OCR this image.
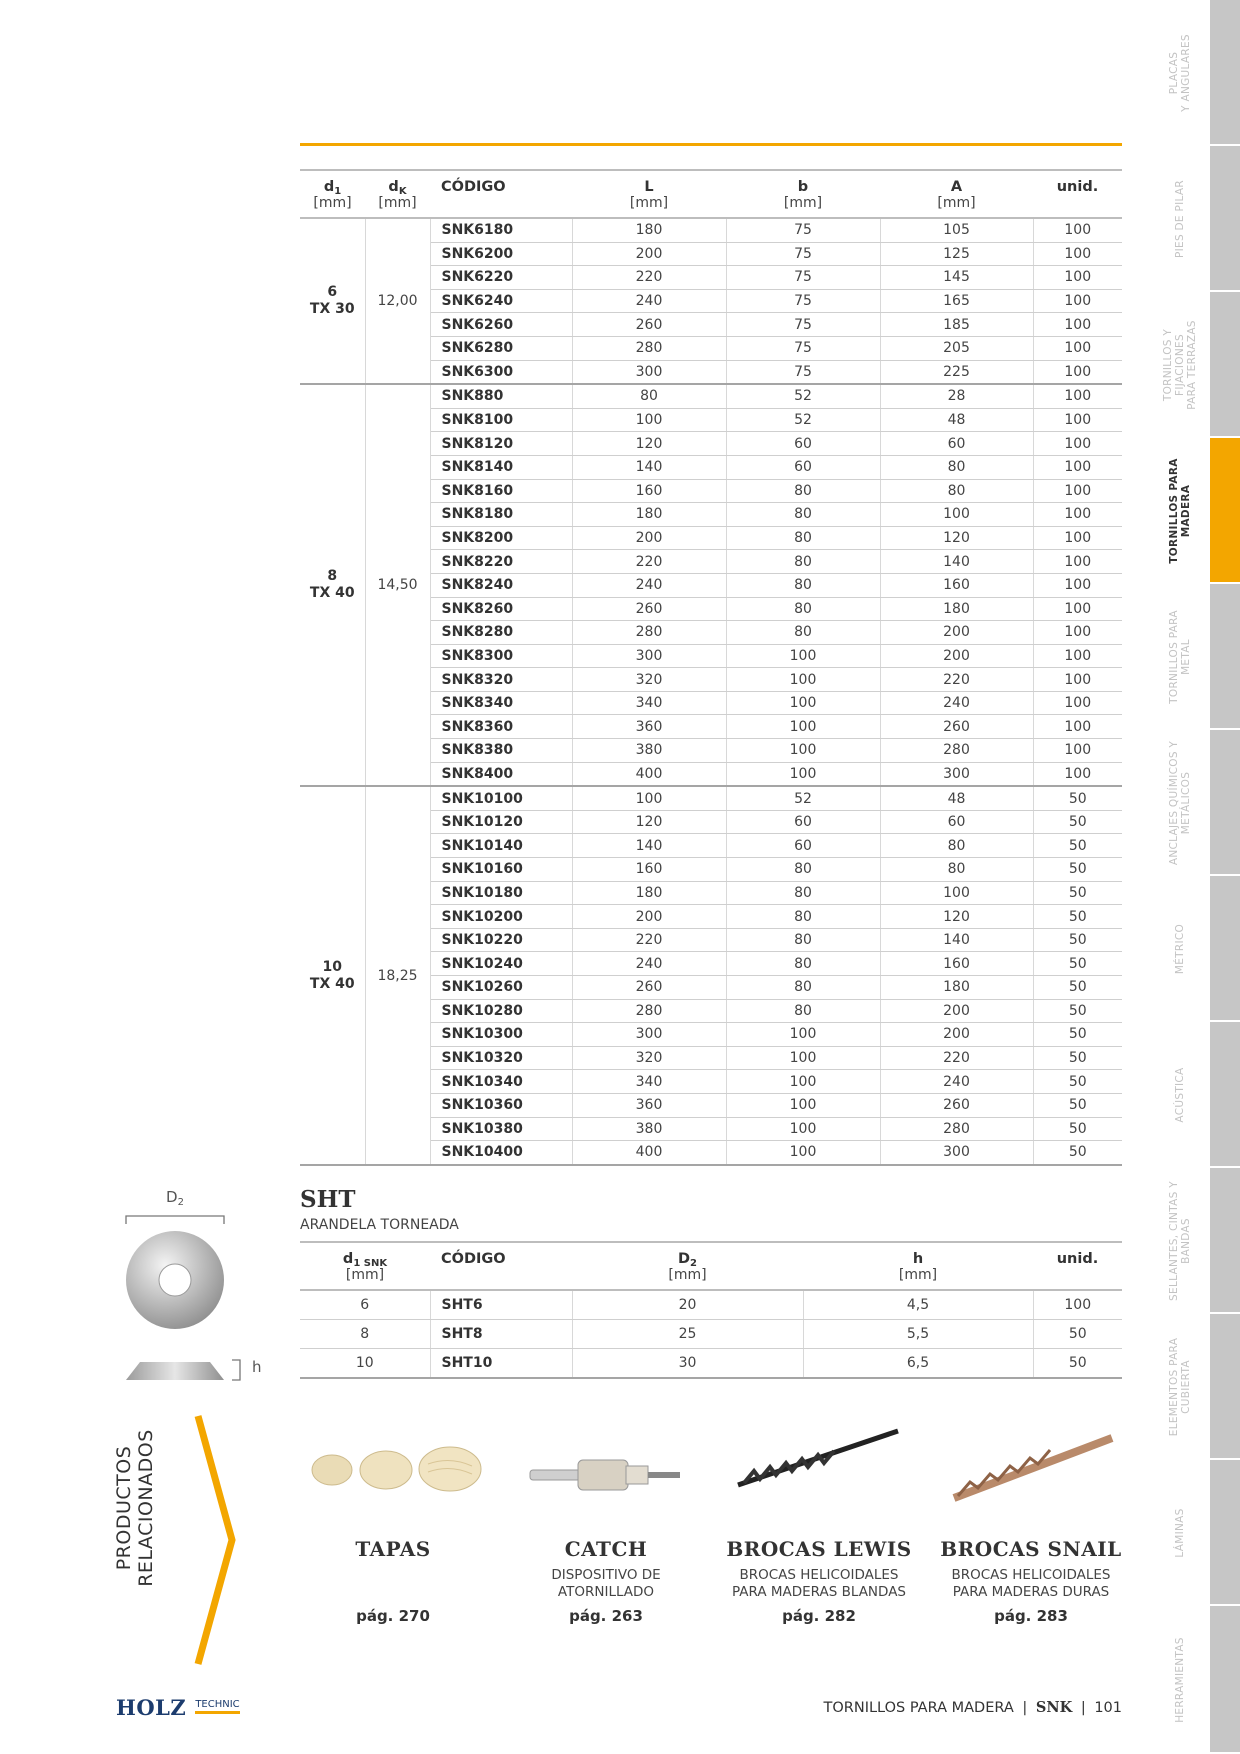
PLACAS
Y ANGULARES
PIES DE PILAR
TORNILLOS Y
FIJACIONES
PARA TERRAZAS
TORNILLOS PARA
MADERA
TORNILLOS PARA
METAL
ANCLAJES QUÍMICOS Y
METÁLICOS
MÉTRICO
ACÚSTICA
SELLANTES, CINTAS Y
BANDAS
ELEMENTOS PARA
CUBIERTA
LÁMINAS
HERRAMIENTAS
$d_1$	$d_K$	CÓDIGO	L	b	A	unid.
[mm]	[mm]		[mm]	[mm]	[mm]	

6
TX 30	12,00	SNK6180	180	75	105	100
		SNK6200	200	75	125	100
		SNK6220	220	75	145	100
		SNK6240	240	75	165	100
		SNK6260	260	75	185	100
		SNK6280	280	75	205	100
		SNK6300	300	75	225	100

8
TX 40	14,50	SNK880	80	52	28	100
		SNK8100	100	52	48	100
		SNK8120	120	60	60	100
		SNK8140	140	60	80	100
		SNK8160	160	80	80	100
		SNK8180	180	80	100	100
		SNK8200	200	80	120	100
		SNK8220	220	80	140	100
		SNK8240	240	80	160	100
		SNK8260	260	80	180	100
		SNK8280	280	80	200	100
		SNK8300	300	100	200	100
		SNK8320	320	100	220	100
		SNK8340	340	100	240	100
		SNK8360	360	100	260	100
		SNK8380	380	100	280	100
		SNK8400	400	100	300	100

10
TX 40	18,25	SNK10100	100	52	48	50
		SNK10120	120	60	60	50
		SNK10140	140	60	80	50
		SNK10160	160	80	80	50
		SNK10180	180	80	100	50
		SNK10200	200	80	120	50
		SNK10220	220	80	140	50
		SNK10240	240	80	160	50
		SNK10260	260	80	180	50
		SNK10280	280	80	200	50
		SNK10300	300	100	200	50
		SNK10320	320	100	220	50
		SNK10340	340	100	240	50
		SNK10360	360	100	260	50
		SNK10380	380	100	280	50
		SNK10400	400	100	300	50
SHT
ARANDELA TORNEADA
$d_{1 SNK}$	CÓDIGO	$D_2$	h	unid.
[mm]		[mm]	[mm]	
6	SHT6	20	4,5	100
8	SHT8	25	5,5	50
10	SHT10	30	6,5	50
$D_2$
h
PRODUCTOS RELACIONADOS	TAPAS
pág. 270
CATCH
DISPOSITIVO DE
ATORNILLADO
pág. 263
BROCAS LEWIS
BROCAS HELICOIDALES
PARA MADERAS BLANDAS
pág. 282
BROCAS SNAIL
BROCAS HELICOIDALES
PARA MADERAS DURAS
pág. 283
HOLZ TECHNIC	TORNILLOS PARA MADERA | SNK | 101
